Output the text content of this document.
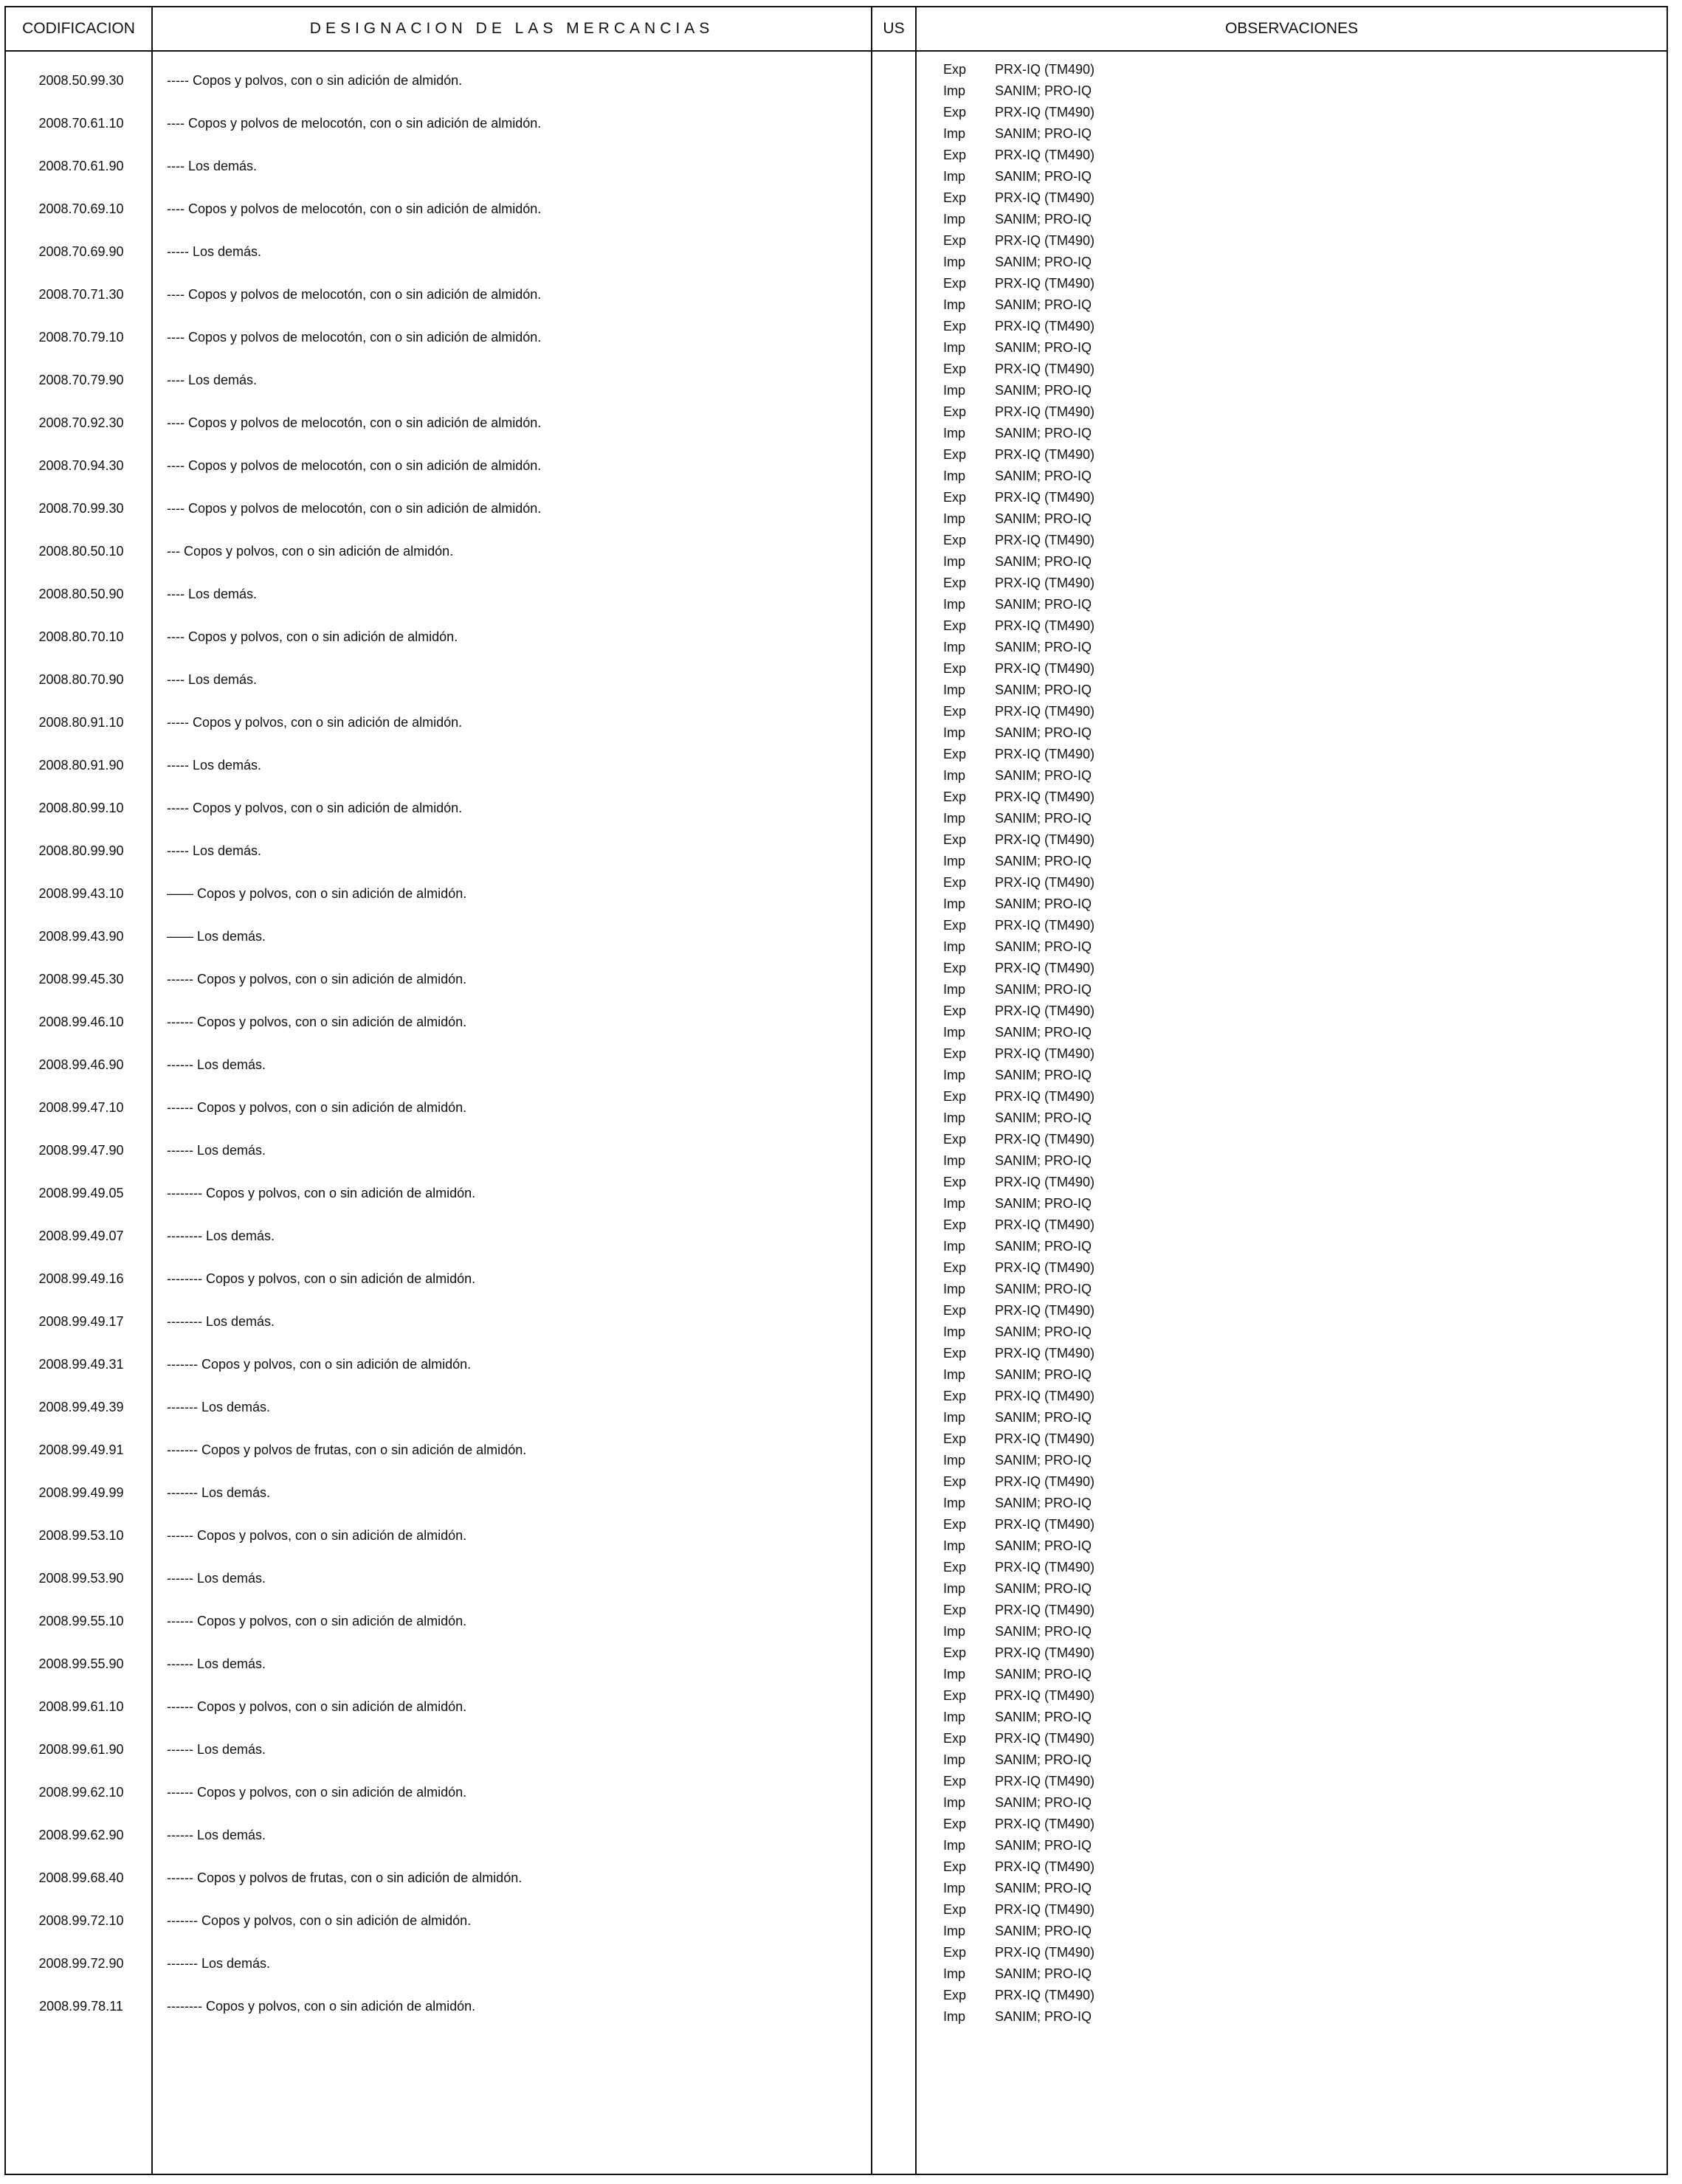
CODIFICACION	DESIGNACION DE LAS MERCANCIAS	US	OBSERVACIONES
2008.50.99.30	----- Copos y polvos, con o sin adición de almidón.
Exp PRX-IQ (TM490)
Imp SANIM; PRO-IQ
2008.70.61.10	---- Copos y polvos de melocotón, con o sin adición de almidón.
Exp PRX-IQ (TM490)
Imp SANIM; PRO-IQ
2008.70.61.90	---- Los demás.
Exp PRX-IQ (TM490)
Imp SANIM; PRO-IQ
2008.70.69.10	---- Copos y polvos de melocotón, con o sin adición de almidón.
Exp PRX-IQ (TM490)
Imp SANIM; PRO-IQ
2008.70.69.90	----- Los demás.
Exp PRX-IQ (TM490)
Imp SANIM; PRO-IQ
2008.70.71.30	---- Copos y polvos de melocotón, con o sin adición de almidón.
Exp PRX-IQ (TM490)
Imp SANIM; PRO-IQ
2008.70.79.10	---- Copos y polvos de melocotón, con o sin adición de almidón.
Exp PRX-IQ (TM490)
Imp SANIM; PRO-IQ
2008.70.79.90	---- Los demás.
Exp PRX-IQ (TM490)
Imp SANIM; PRO-IQ
2008.70.92.30	---- Copos y polvos de melocotón, con o sin adición de almidón.
Exp PRX-IQ (TM490)
Imp SANIM; PRO-IQ
2008.70.94.30	---- Copos y polvos de melocotón, con o sin adición de almidón.
Exp PRX-IQ (TM490)
Imp SANIM; PRO-IQ
2008.70.99.30	---- Copos y polvos de melocotón, con o sin adición de almidón.
Exp PRX-IQ (TM490)
Imp SANIM; PRO-IQ
2008.80.50.10	--- Copos y polvos, con o sin adición de almidón.
Exp PRX-IQ (TM490)
Imp SANIM; PRO-IQ
2008.80.50.90	---- Los demás.
Exp PRX-IQ (TM490)
Imp SANIM; PRO-IQ
2008.80.70.10	---- Copos y polvos, con o sin adición de almidón.
Exp PRX-IQ (TM490)
Imp SANIM; PRO-IQ
2008.80.70.90	---- Los demás.
Exp PRX-IQ (TM490)
Imp SANIM; PRO-IQ
2008.80.91.10	----- Copos y polvos, con o sin adición de almidón.
Exp PRX-IQ (TM490)
Imp SANIM; PRO-IQ
2008.80.91.90	----- Los demás.
Exp PRX-IQ (TM490)
Imp SANIM; PRO-IQ
2008.80.99.10	----- Copos y polvos, con o sin adición de almidón.
Exp PRX-IQ (TM490)
Imp SANIM; PRO-IQ
2008.80.99.90	----- Los demás.
Exp PRX-IQ (TM490)
Imp SANIM; PRO-IQ
2008.99.43.10	—— Copos y polvos, con o sin adición de almidón.
Exp PRX-IQ (TM490)
Imp SANIM; PRO-IQ
2008.99.43.90	—— Los demás.
Exp PRX-IQ (TM490)
Imp SANIM; PRO-IQ
2008.99.45.30	------ Copos y polvos, con o sin adición de almidón.
Exp PRX-IQ (TM490)
Imp SANIM; PRO-IQ
2008.99.46.10	------ Copos y polvos, con o sin adición de almidón.
Exp PRX-IQ (TM490)
Imp SANIM; PRO-IQ
2008.99.46.90	------ Los demás.
Exp PRX-IQ (TM490)
Imp SANIM; PRO-IQ
2008.99.47.10	------ Copos y polvos, con o sin adición de almidón.
Exp PRX-IQ (TM490)
Imp SANIM; PRO-IQ
2008.99.47.90	------ Los demás.
Exp PRX-IQ (TM490)
Imp SANIM; PRO-IQ
2008.99.49.05	-------- Copos y polvos, con o sin adición de almidón.
Exp PRX-IQ (TM490)
Imp SANIM; PRO-IQ
2008.99.49.07	-------- Los demás.
Exp PRX-IQ (TM490)
Imp SANIM; PRO-IQ
2008.99.49.16	-------- Copos y polvos, con o sin adición de almidón.
Exp PRX-IQ (TM490)
Imp SANIM; PRO-IQ
2008.99.49.17	-------- Los demás.
Exp PRX-IQ (TM490)
Imp SANIM; PRO-IQ
2008.99.49.31	------- Copos y polvos, con o sin adición de almidón.
Exp PRX-IQ (TM490)
Imp SANIM; PRO-IQ
2008.99.49.39	------- Los demás.
Exp PRX-IQ (TM490)
Imp SANIM; PRO-IQ
2008.99.49.91	------- Copos y polvos de frutas, con o sin adición de almidón.
Exp PRX-IQ (TM490)
Imp SANIM; PRO-IQ
2008.99.49.99	------- Los demás.
Exp PRX-IQ (TM490)
Imp SANIM; PRO-IQ
2008.99.53.10	------ Copos y polvos, con o sin adición de almidón.
Exp PRX-IQ (TM490)
Imp SANIM; PRO-IQ
2008.99.53.90	------ Los demás.
Exp PRX-IQ (TM490)
Imp SANIM; PRO-IQ
2008.99.55.10	------ Copos y polvos, con o sin adición de almidón.
Exp PRX-IQ (TM490)
Imp SANIM; PRO-IQ
2008.99.55.90	------ Los demás.
Exp PRX-IQ (TM490)
Imp SANIM; PRO-IQ
2008.99.61.10	------ Copos y polvos, con o sin adición de almidón.
Exp PRX-IQ (TM490)
Imp SANIM; PRO-IQ
2008.99.61.90	------ Los demás.
Exp PRX-IQ (TM490)
Imp SANIM; PRO-IQ
2008.99.62.10	------ Copos y polvos, con o sin adición de almidón.
Exp PRX-IQ (TM490)
Imp SANIM; PRO-IQ
2008.99.62.90	------ Los demás.
Exp PRX-IQ (TM490)
Imp SANIM; PRO-IQ
2008.99.68.40	------ Copos y polvos de frutas, con o sin adición de almidón.
Exp PRX-IQ (TM490)
Imp SANIM; PRO-IQ
2008.99.72.10	------- Copos y polvos, con o sin adición de almidón.
Exp PRX-IQ (TM490)
Imp SANIM; PRO-IQ
2008.99.72.90	------- Los demás.
Exp PRX-IQ (TM490)
Imp SANIM; PRO-IQ
2008.99.78.11	-------- Copos y polvos, con o sin adición de almidón.
Exp PRX-IQ (TM490)
Imp SANIM; PRO-IQ
